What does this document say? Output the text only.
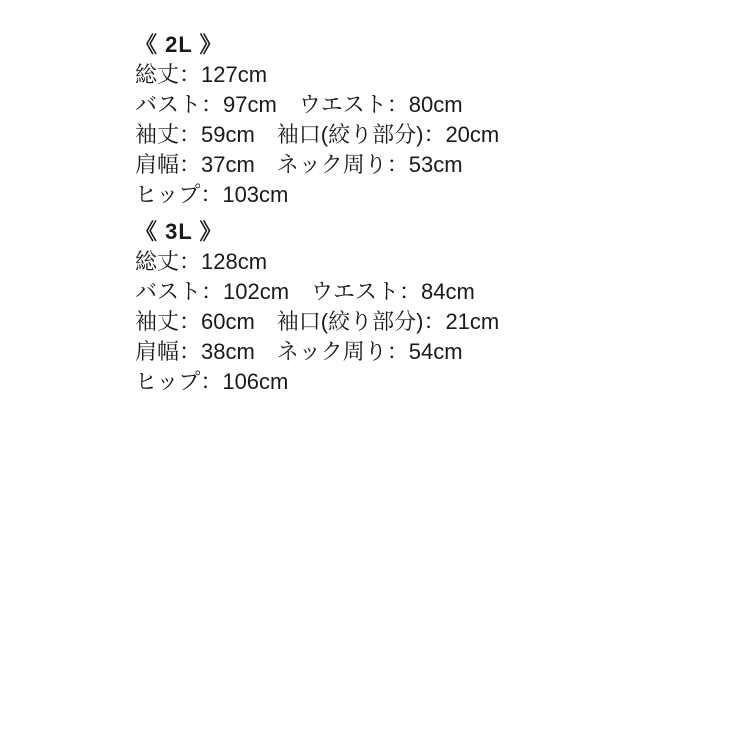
《 2L 》

総丈：127cm

バスト：97cm　ウエスト：80cm

袖丈：59cm　袖口(絞り部分)：20cm

肩幅：37cm　ネック周り：53cm

ヒップ：103cm

《 3L 》

総丈：128cm

バスト：102cm　ウエスト：84cm

袖丈：60cm　袖口(絞り部分)：21cm

肩幅：38cm　ネック周り：54cm

ヒップ：106cm
